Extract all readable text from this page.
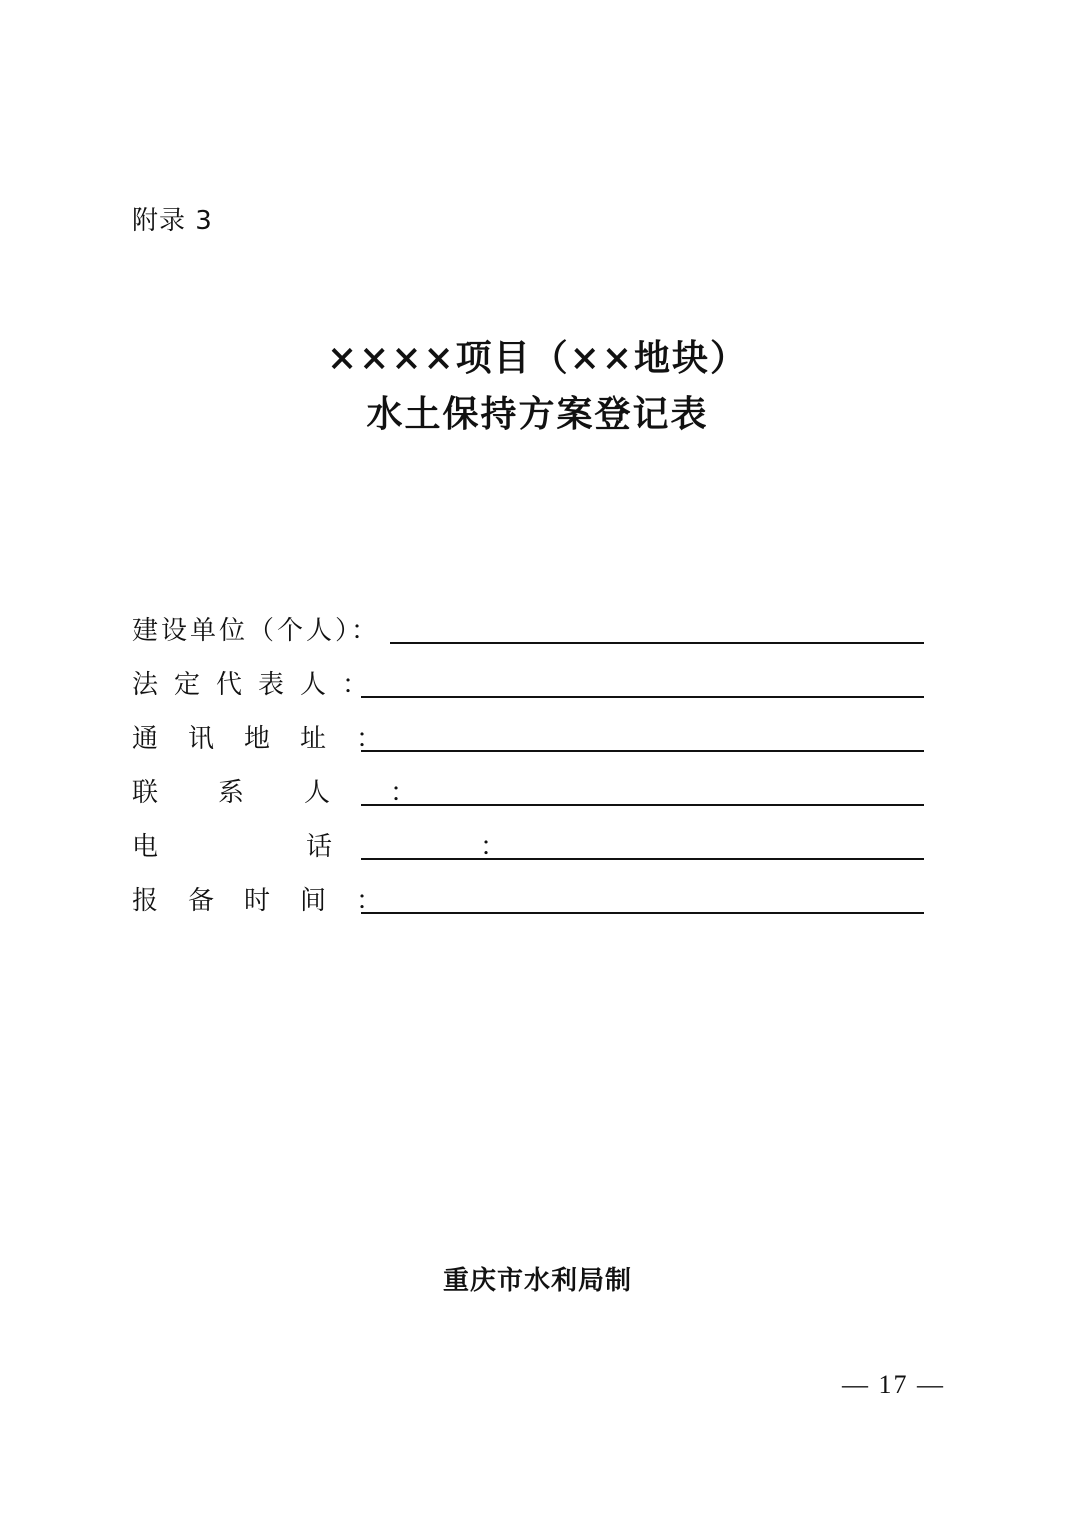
附录 3
××××项目（××地块）
水土保持方案登记表
建设单位（个人）：
法定代表人：
通讯地址：
联系人：
电话：
报备时间：
重庆市水利局制
— 17 —
